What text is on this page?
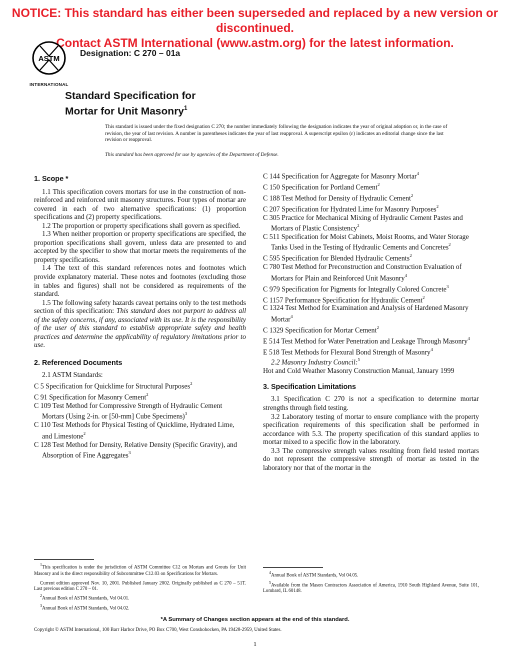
NOTICE: This standard has either been superseded and replaced by a new version or discontinued.
Contact ASTM International (www.astm.org) for the latest information.
ASTM
INTERNATIONAL
Designation: C 270 – 01a
Standard Specification for
Mortar for Unit Masonry$^1$
This standard is issued under the fixed designation C 270; the number immediately following the designation indicates the year of original adoption or, in the case of revision, the year of last revision. A number in parentheses indicates the year of last reapproval. A superscript epsilon (ε) indicates an editorial change since the last revision or reapproval.
This standard has been approved for use by agencies of the Department of Defense.

1. Scope *

1.1 This specification covers mortars for use in the construction of non-reinforced and reinforced unit masonry structures. Four types of mortar are covered in each of two alternative specifications: (1) proportion specifications and (2) property specifications.

1.2 The proportion or property specifications shall govern as specified.

1.3 When neither proportion or property specifications are specified, the proportion specifications shall govern, unless data are presented to and accepted by the specifier to show that mortar meets the requirements of the property specifications.

1.4 The text of this standard references notes and footnotes which provide explanatory material. These notes and footnotes (excluding those in tables and figures) shall not be considered as requirements of the standard.

1.5 The following safety hazards caveat pertains only to the test methods section of this specification: This standard does not purport to address all of the safety concerns, if any, associated with its use. It is the responsibility of the user of this standard to establish appropriate safety and health practices and determine the applicability of regulatory limitations prior to use.

2. Referenced Documents

2.1 ASTM Standards:

C 5 Specification for Quicklime for Structural Purposes$^2$

C 91 Specification for Masonry Cement$^2$

C 109 Test Method for Compressive Strength of Hydraulic Cement Mortars (Using 2-in. or [50-mm] Cube Specimens)$^3$

C 110 Test Methods for Physical Testing of Quicklime, Hydrated Lime, and Limestone$^2$

C 128 Test Method for Density, Relative Density (Specific Gravity), and Absorption of Fine Aggregates$^3$

C 144 Specification for Aggregate for Masonry Mortar$^4$

C 150 Specification for Portland Cement$^2$

C 188 Test Method for Density of Hydraulic Cement$^2$

C 207 Specification for Hydrated Lime for Masonry Purposes$^2$

C 305 Practice for Mechanical Mixing of Hydraulic Cement Pastes and Mortars of Plastic Consistency$^2$

C 511 Specification for Moist Cabinets, Moist Rooms, and Water Storage Tanks Used in the Testing of Hydraulic Cements and Concretes$^2$

C 595 Specification for Blended Hydraulic Cements$^2$

C 780 Test Method for Preconstruction and Construction Evaluation of Mortars for Plain and Reinforced Unit Masonry$^4$

C 979 Specification for Pigments for Integrally Colored Concrete$^3$

C 1157 Performance Specification for Hydraulic Cement$^2$

C 1324 Test Method for Examination and Analysis of Hardened Masonry Mortar$^4$

C 1329 Specification for Mortar Cement$^2$

E 514 Test Method for Water Penetration and Leakage Through Masonry$^4$

E 518 Test Methods for Flexural Bond Strength of Masonry$^4$

2.2 Masonry Industry Council:$^5$

Hot and Cold Weather Masonry Construction Manual, January 1999

3. Specification Limitations

3.1 Specification C 270 is not a specification to determine mortar strengths through field testing.

3.2 Laboratory testing of mortar to ensure compliance with the property specification requirements of this specification shall be performed in accordance with 5.3. The property specification of this standard applies to mortar mixed to a specific flow in the laboratory.

3.3 The compressive strength values resulting from field tested mortars do not represent the compressive strength of mortar as tested in the laboratory nor that of the mortar in the

$^1$This specification is under the jurisdiction of ASTM Committee C12 on Mortars and Grouts for Unit Masonry and is the direct responsibility of Subcommittee C12.03 on Specifications for Mortars.

Current edition approved Nov. 10, 2001. Published January 2002. Originally published as C 270 – 51T. Last previous edition C 270 – 01.

$^2$Annual Book of ASTM Standards, Vol 04.01.

$^3$Annual Book of ASTM Standards, Vol 04.02.

$^4$Annual Book of ASTM Standards, Vol 04.05.

$^5$Available from the Mason Contractors Association of America, 1910 South Highland Avenue, Suite 101, Lombard, IL 60148.

*A Summary of Changes section appears at the end of this standard.
Copyright © ASTM International, 100 Barr Harbor Drive, PO Box C700, West Conshohocken, PA 19428-2959, United States.
1
